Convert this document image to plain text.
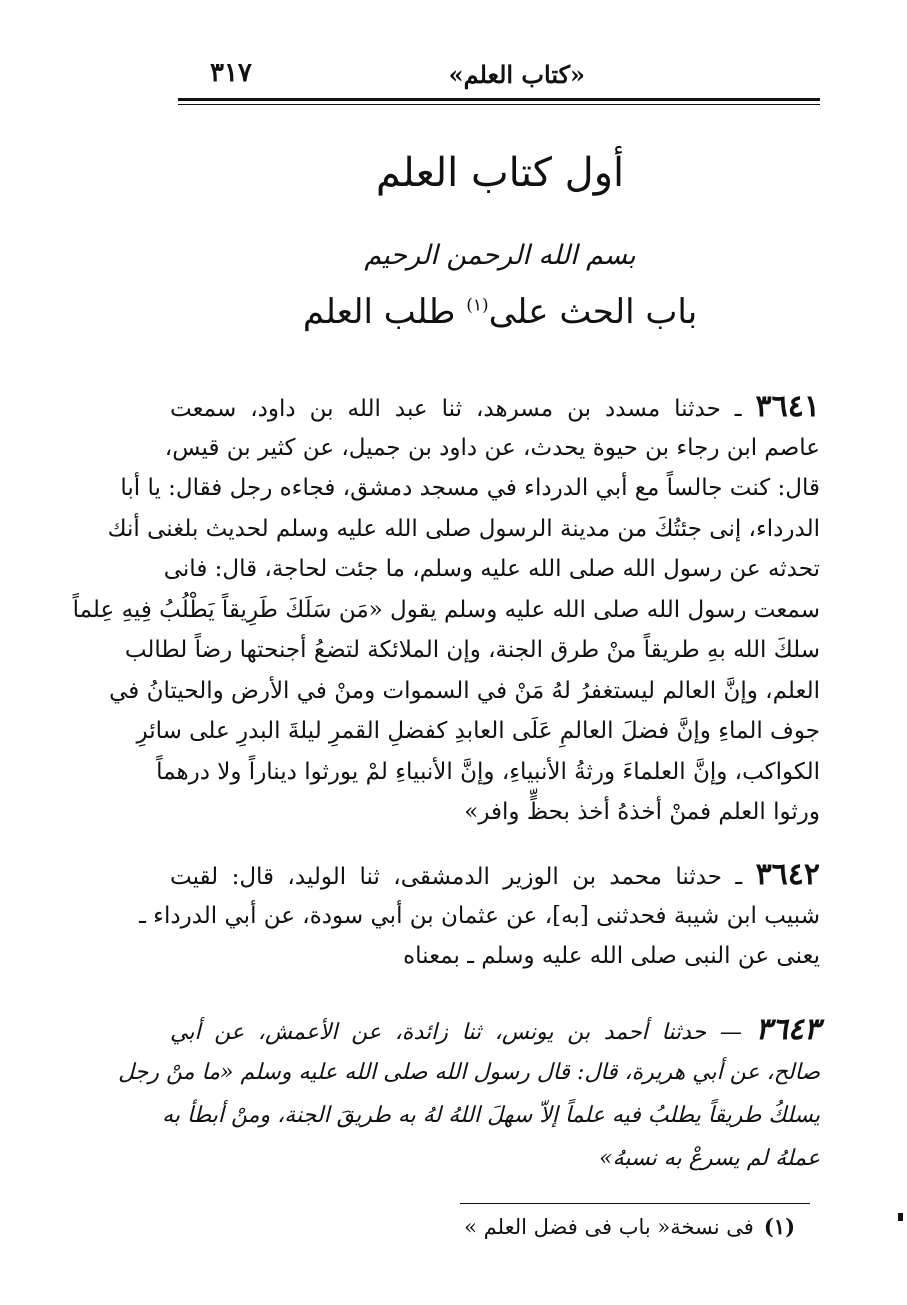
«كتاب العلم»
٣١٧
أول كتاب العلم
بسم الله الرحمن الرحيم
باب الحث على$^{(١)}$ طلب العلم
٣٦٤١ ـ حدثنا مسدد بن مسرهد، ثنا عبد الله بن داود، سمعت
عاصم ابن رجاء بن حيوة يحدث، عن داود بن جميل، عن كثير بن قيس،
قال: كنت جالساً مع أبي الدرداء في مسجد دمشق، فجاءه رجل فقال: يا أبا
الدرداء، إنى جئتُكَ من مدينة الرسول صلى الله عليه وسلم لحديث بلغنى أنك
تحدثه عن رسول الله صلى الله عليه وسلم، ما جئت لحاجة، قال: فانى
سمعت رسول الله صلى الله عليه وسلم يقول «مَن سَلَكَ طَرِيقاً يَطْلُبُ فِيهِ عِلماً
سلكَ الله بهِ طريقاً منْ طرق الجنة، وإن الملائكة لتضعُ أجنحتها رضاً لطالب
العلم، وإنَّ العالم ليستغفرُ لهُ مَنْ في السموات ومنْ في الأرض والحيتانُ في
جوف الماءِ وإنَّ فضلَ العالمِ عَلَى العابدِ كفضلِ القمرِ ليلةَ البدرِ على سائرِ
الكواكب، وإنَّ العلماءَ ورثةُ الأنبياءِ، وإنَّ الأنبياءِ لمْ يورثوا ديناراً ولا درهماً
ورثوا العلم فمنْ أخذهُ أخذ بحظٍّ وافر»
٣٦٤٢ ـ حدثنا محمد بن الوزير الدمشقى، ثنا الوليد، قال: لقيت
شبيب ابن شيبة فحدثنى [به]، عن عثمان بن أبي سودة، عن أبي الدرداء ـ
يعنى عن النبى صلى الله عليه وسلم ـ بمعناه
٣٦٤٣ — حدثنا أحمد بن يونس، ثنا زائدة، عن الأعمش، عن أبي
صالح، عن أبي هريرة، قال: قال رسول الله صلى الله عليه وسلم «ما منْ رجل
يسلكُ طريقاً يطلبُ فيه علماً إلاّ سهلَ اللهُ لهُ به طريقَ الجنة، ومنْ أبطأ به
عملهُ لم يسرعْ به نسبهُ»
(١)فى نسخة« باب فى فضل العلم »
